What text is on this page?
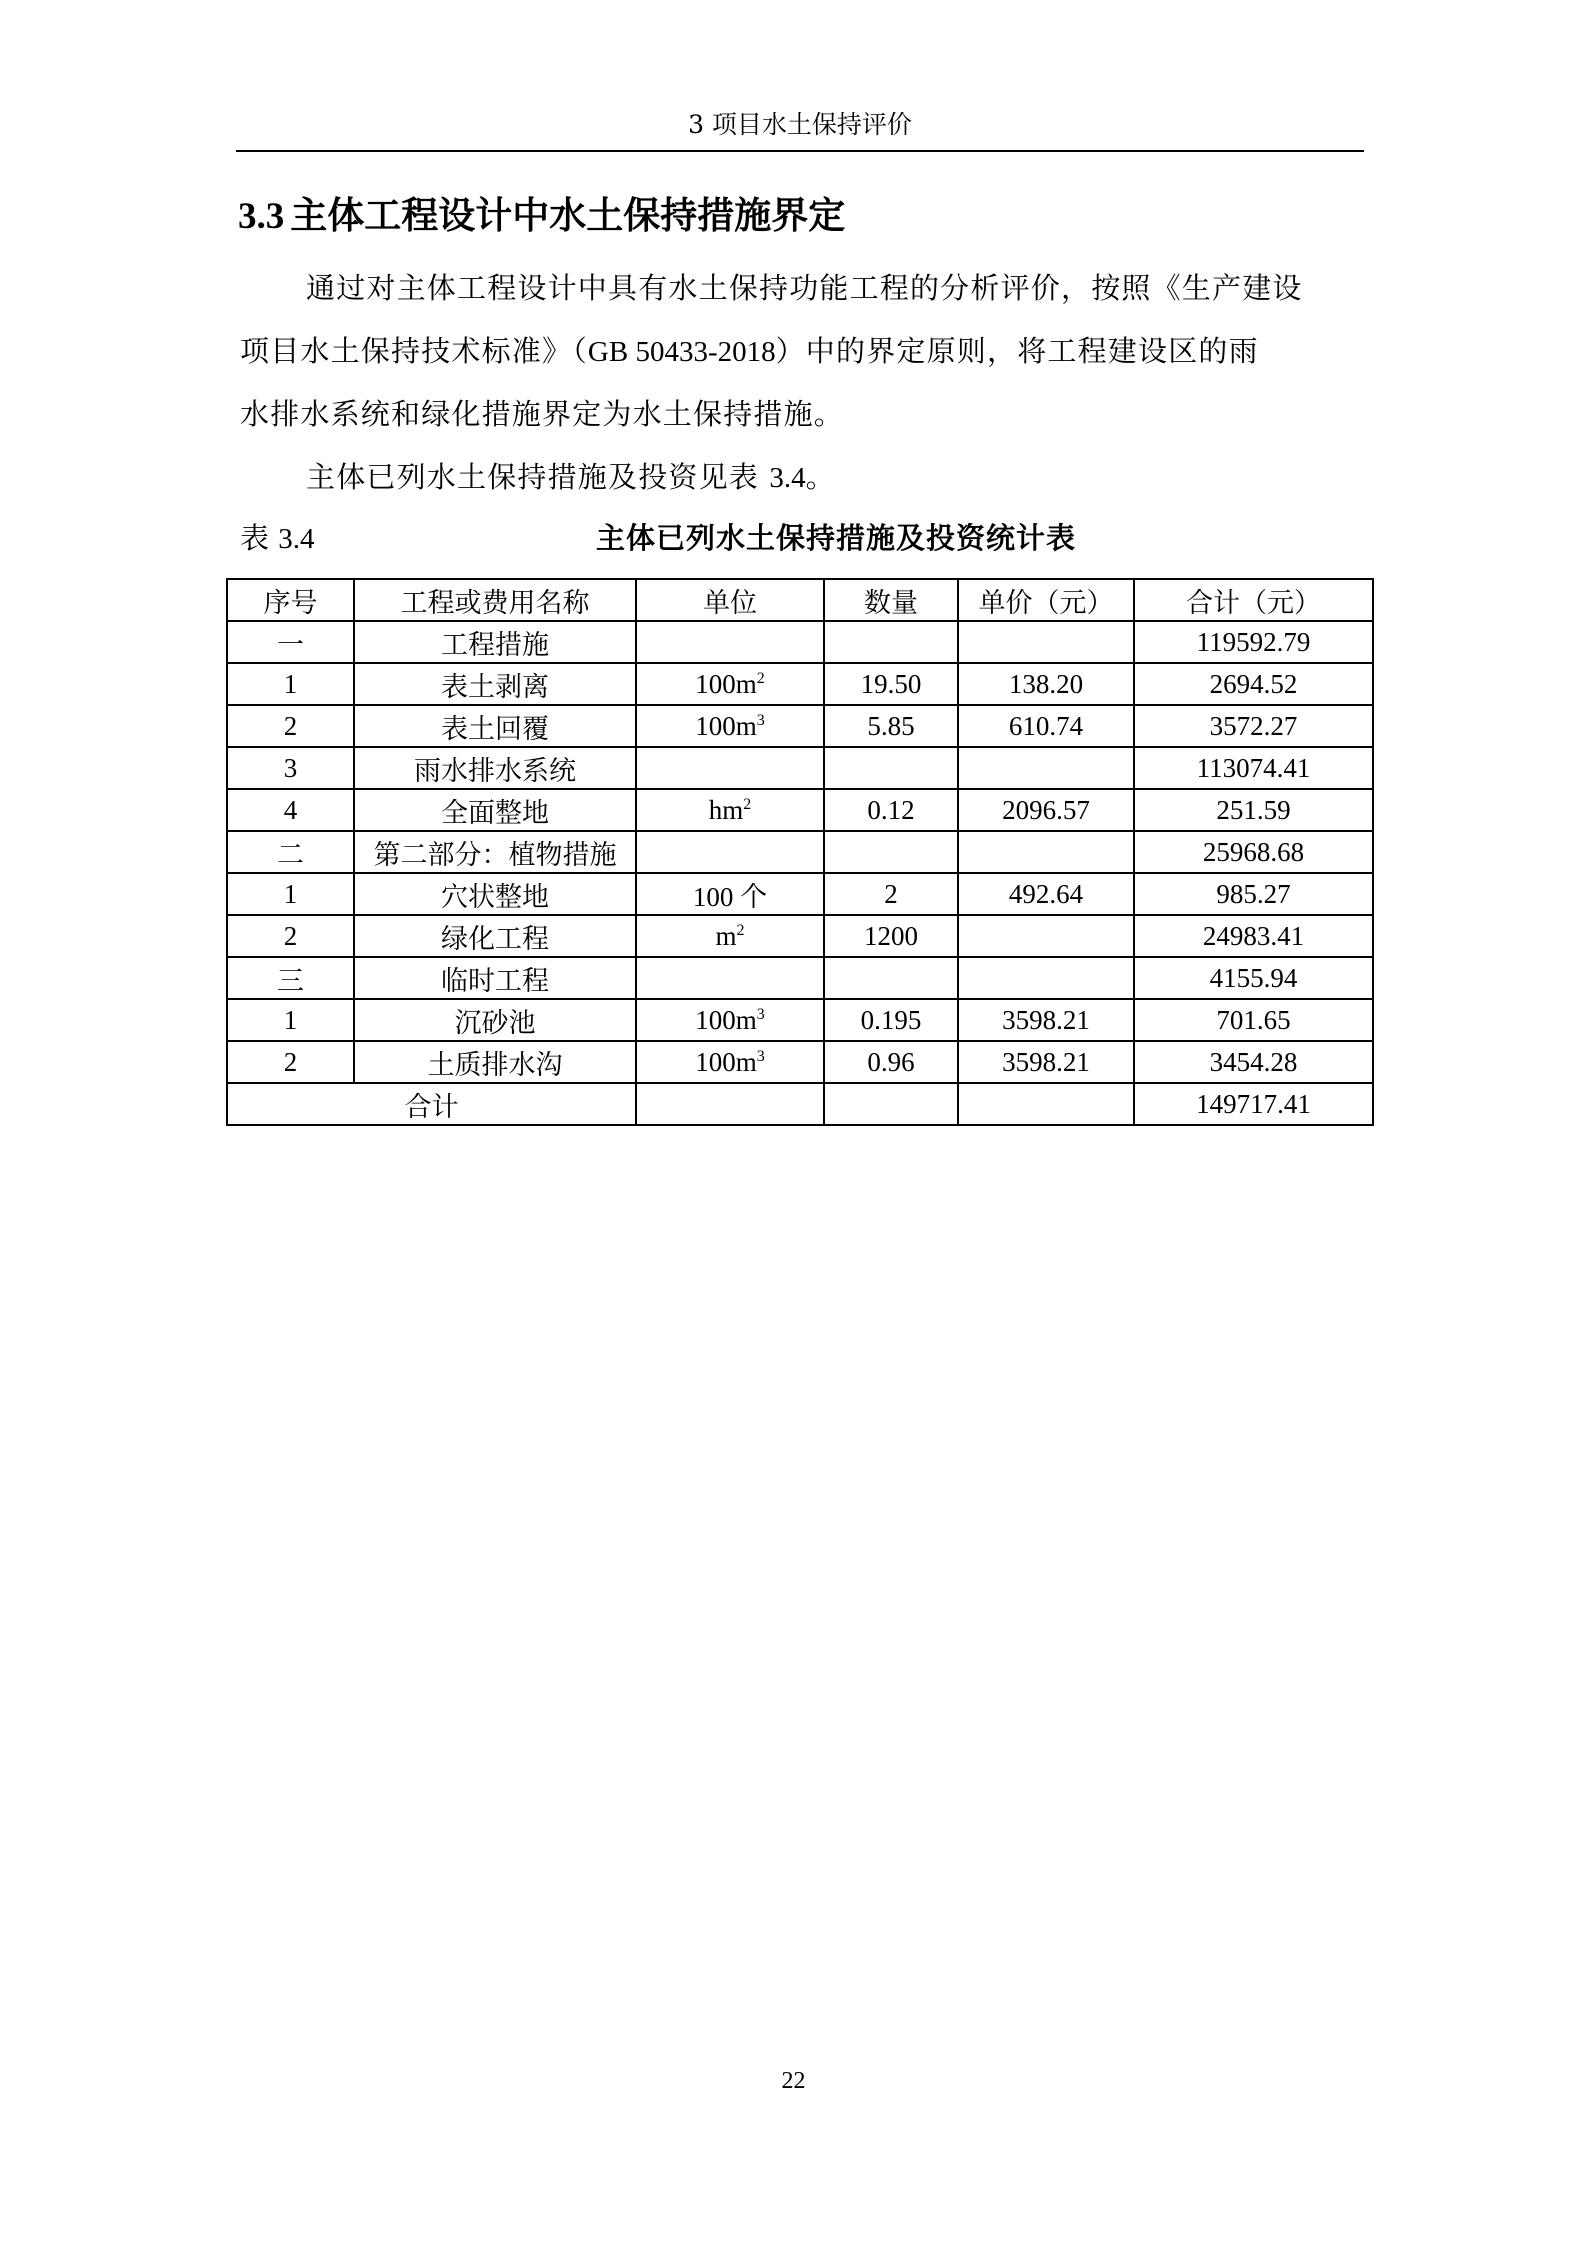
3 项目水土保持评价
3.3 主体工程设计中水土保持措施界定
通过对主体工程设计中具有水土保持功能工程的分析评价，按照《生产建设
项目水土保持技术标准》（GB 50433-2018）中的界定原则，将工程建设区的雨
水排水系统和绿化措施界定为水土保持措施。
主体已列水土保持措施及投资见表 3.4。
表 3.4	主体已列水土保持措施及投资统计表
序号	工程或费用名称	单位	数量	单价（元）	合计（元）
一	工程措施				119592.79
1	表土剥离	$100m^2$	19.50	138.20	2694.52
2	表土回覆	$100m^3$	5.85	610.74	3572.27
3	雨水排水系统				113074.41
4	全面整地	$hm^2$	0.12	2096.57	251.59
二	第二部分：植物措施				25968.68
1	穴状整地	100 个	2	492.64	985.27
2	绿化工程	$m^2$	1200		24983.41
三	临时工程				4155.94
1	沉砂池	$100m^3$	0.195	3598.21	701.65
2	土质排水沟	$100m^3$	0.96	3598.21	3454.28
合计					149717.41
22
